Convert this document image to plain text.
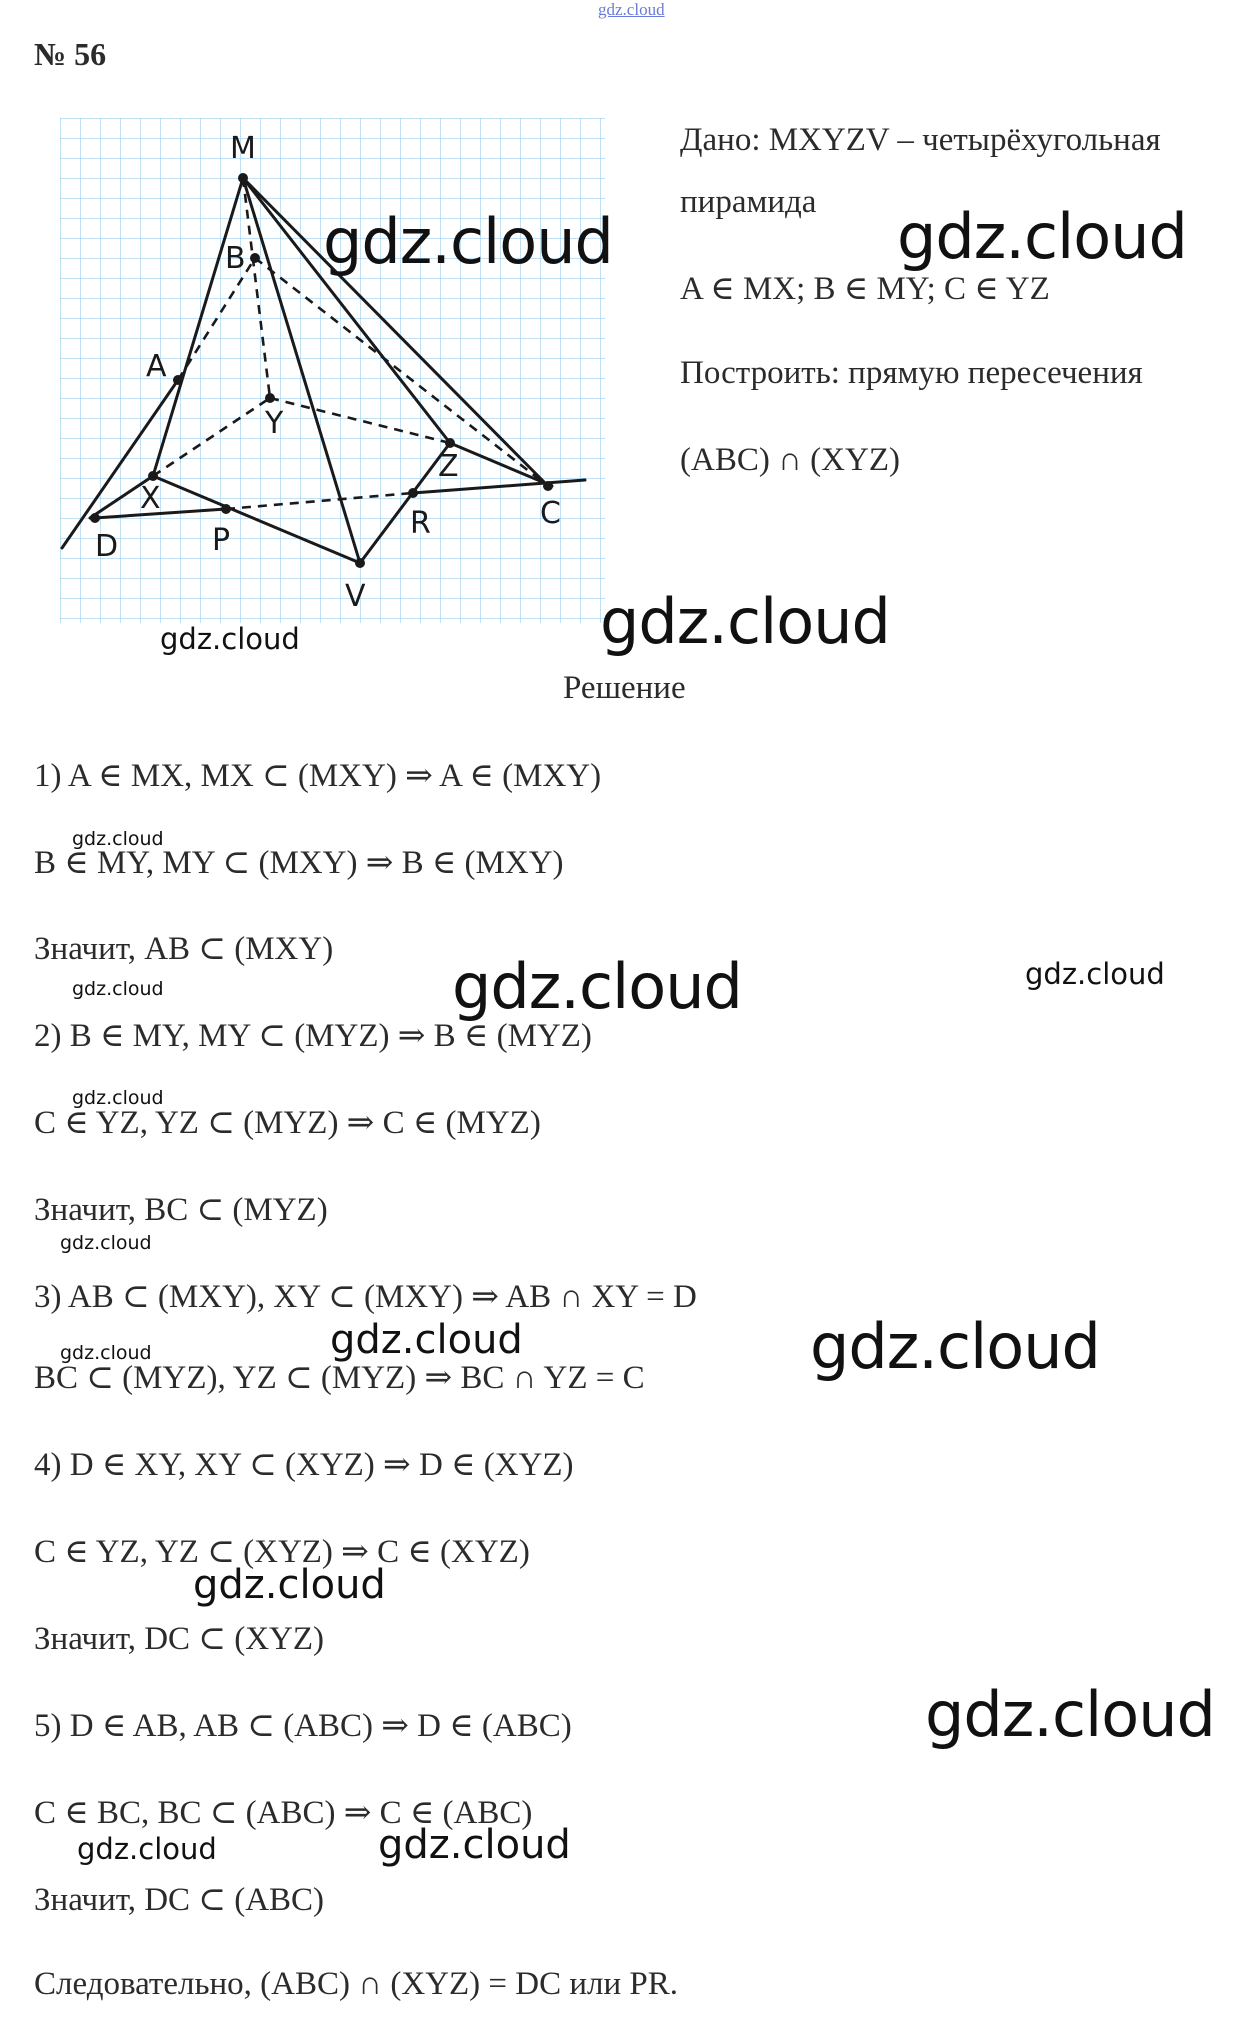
gdz.cloud
№ 56
M
B
A
Y
X
Z
D	P	R	C
V
Дано: MXYZV – четырёхугольная
пирамида
A ∈ MX; B ∈ MY; C ∈ YZ
Построить: прямую пересечения
(ABC) ∩ (XYZ)
Решение
1) A ∈ MX, MX ⊂ (MXY) ⇒ A ∈ (MXY)
B ∈ MY, MY ⊂ (MXY) ⇒ B ∈ (MXY)
Значит, AB ⊂ (MXY)
2) B ∈ MY, MY ⊂ (MYZ) ⇒ B ∈ (MYZ)
C ∈ YZ, YZ ⊂ (MYZ) ⇒ C ∈ (MYZ)
Значит, BC ⊂ (MYZ)
3) AB ⊂ (MXY), XY ⊂ (MXY) ⇒ AB ∩ XY = D
BC ⊂ (MYZ), YZ ⊂ (MYZ) ⇒ BC ∩ YZ = C
4) D ∈ XY, XY ⊂ (XYZ) ⇒ D ∈ (XYZ)
C ∈ YZ, YZ ⊂ (XYZ) ⇒ C ∈ (XYZ)
Значит, DC ⊂ (XYZ)
5) D ∈ AB, AB ⊂ (ABC) ⇒ D ∈ (ABC)
C ∈ BC, BC ⊂ (ABC) ⇒ C ∈ (ABC)
Значит, DC ⊂ (ABC)
Следовательно, (ABC) ∩ (XYZ) = DC или PR.
gdz.cloud	gdz.cloud
gdz.cloud
gdz.cloud
gdz.cloud
gdz.cloud	gdz.cloud
gdz.cloud
gdz.cloud
gdz.cloud
gdz.cloud	gdz.cloud	gdz.cloud
gdz.cloud
gdz.cloud
gdz.cloud	gdz.cloud
